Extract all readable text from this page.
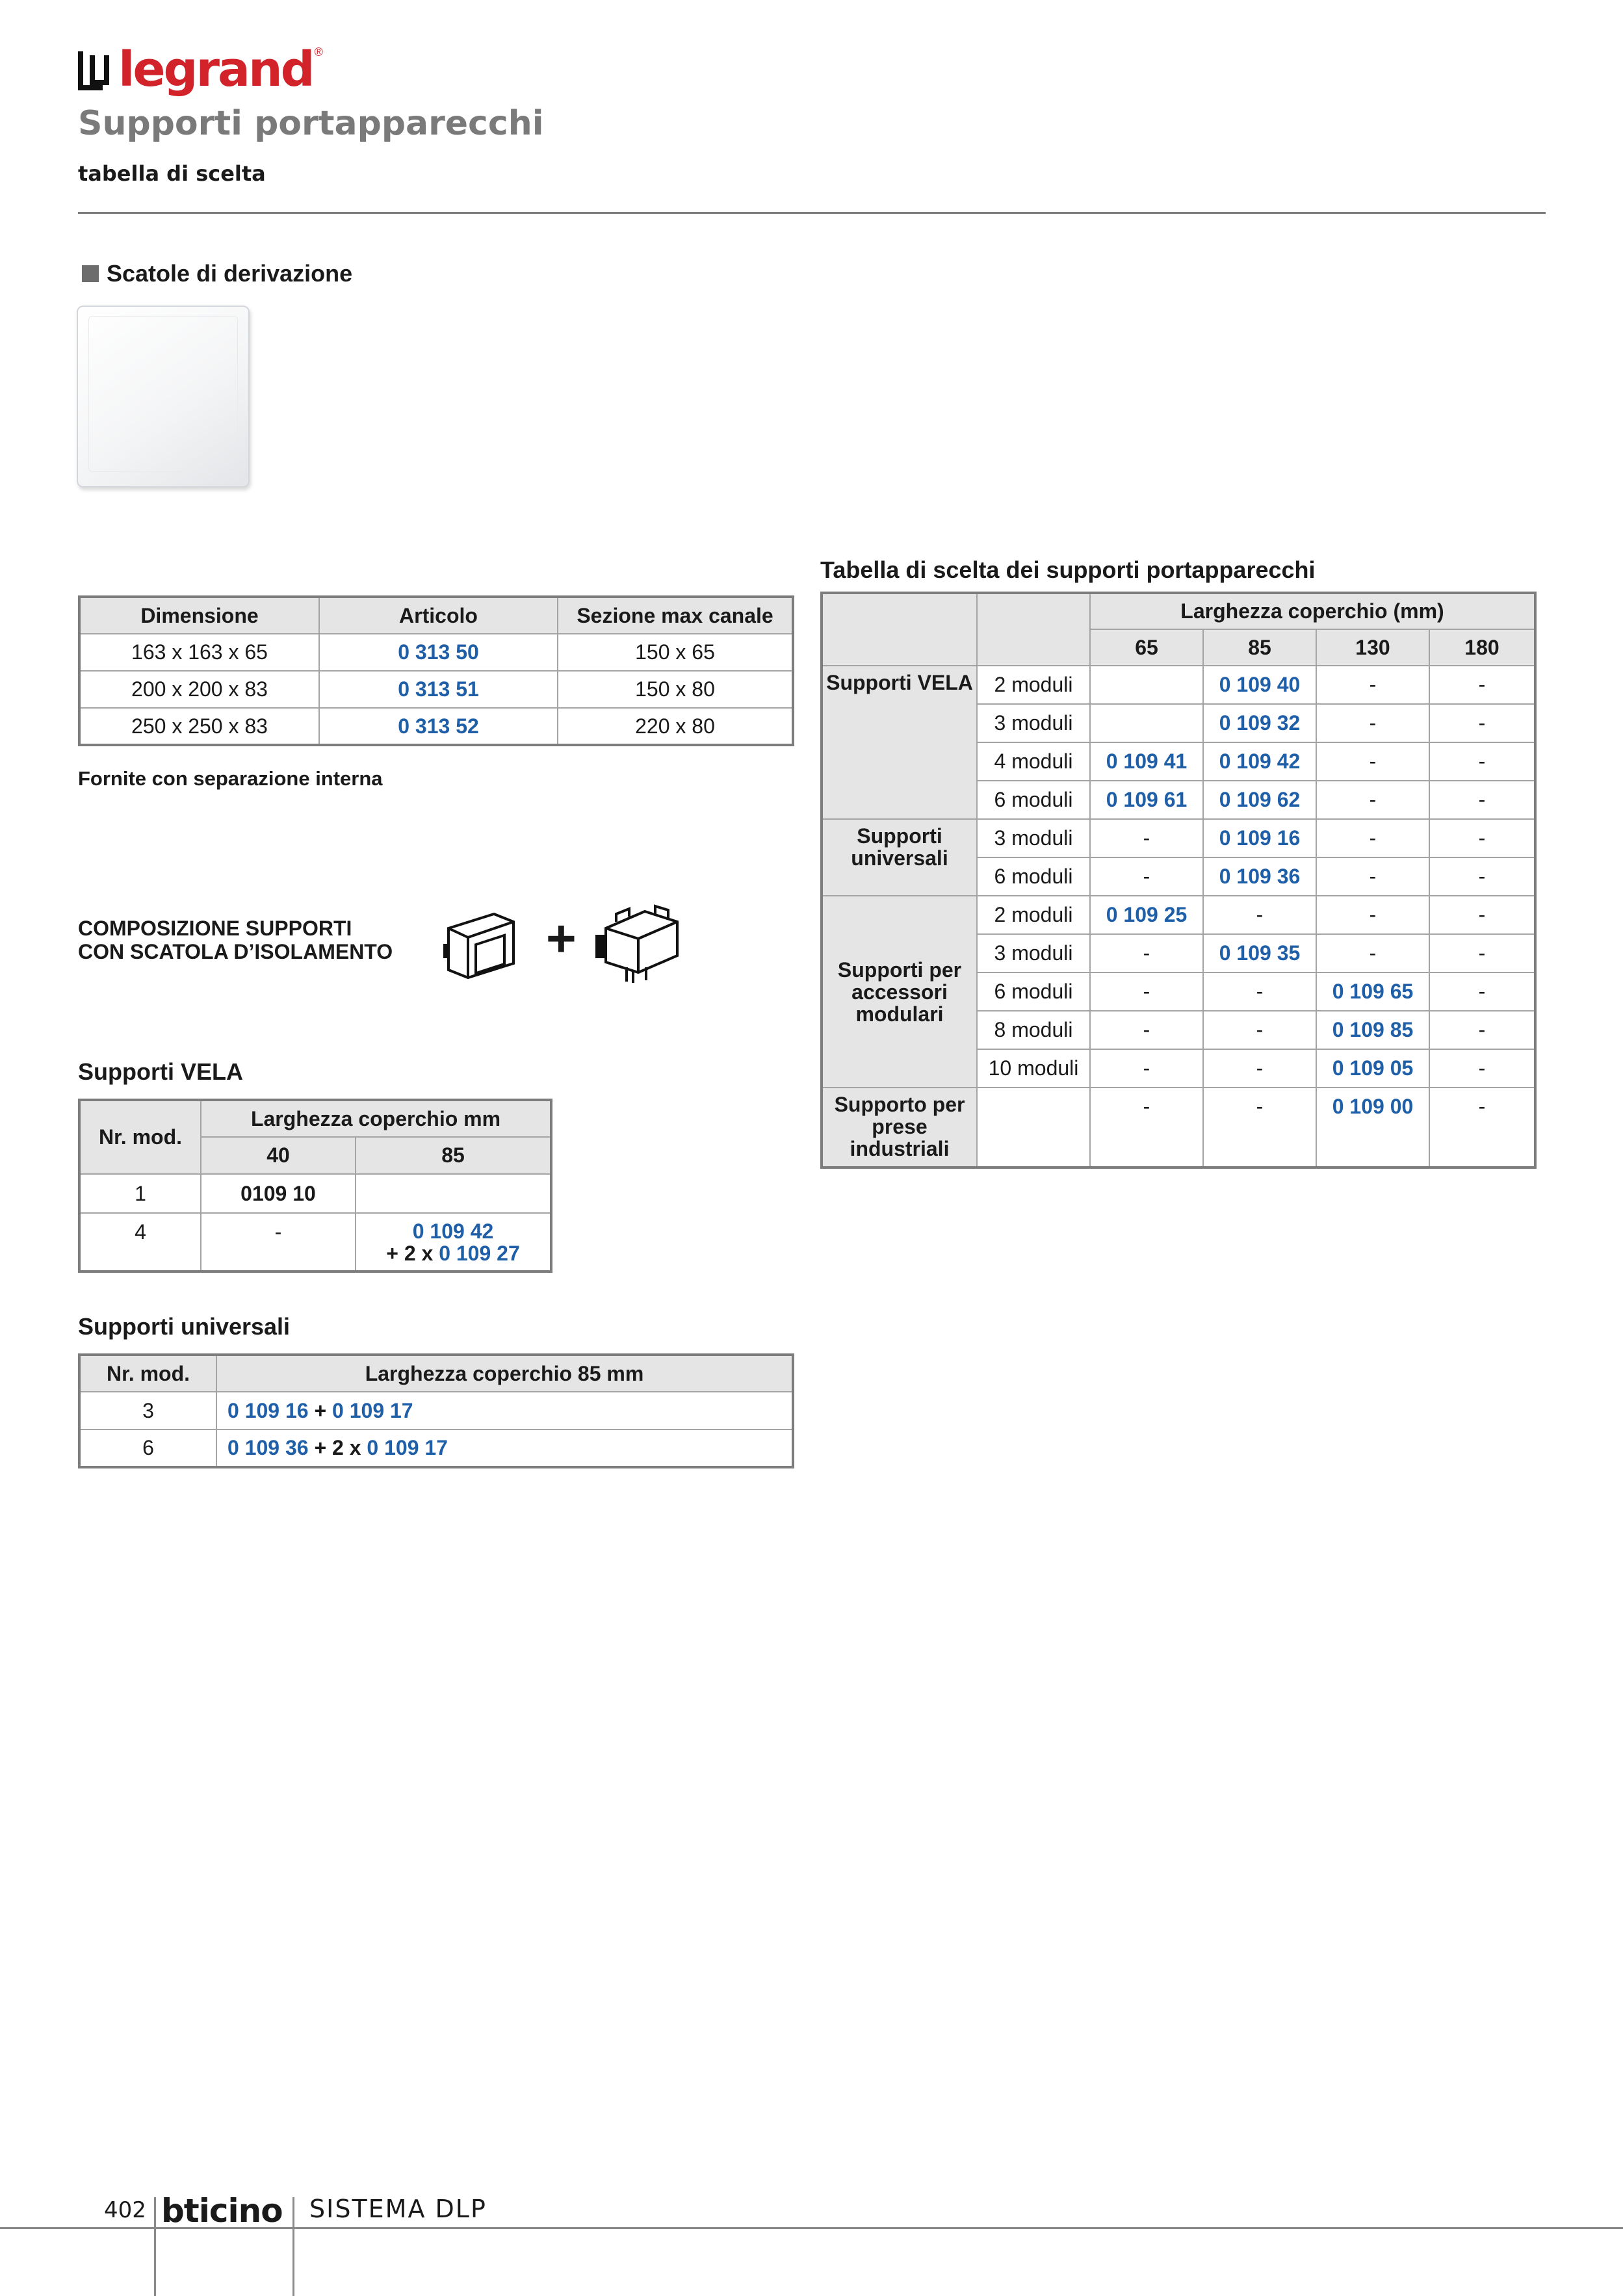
legrand ®
Supporti portapparecchi
tabella di scelta
Scatole di derivazione
Dimensione	Articolo	Sezione max canale
163 x 163 x 65	0 313 50	150 x 65
200 x 200 x 83	0 313 51	150 x 80
250 x 250 x 83	0 313 52	220 x 80
Fornite con separazione interna
COMPOSIZIONE SUPPORTI
CON SCATOLA D’ISOLAMENTO	+
Supporti VELA
Nr. mod.	Larghezza coperchio mm	
	40	85
1	0109 10	
4	-	0 109 42
+ 2 x 0 109 27
Supporti universali
Nr. mod.	Larghezza coperchio 85 mm
3	0 109 16 + 0 109 17
6	0 109 36 + 2 x 0 109 17
Tabella di scelta dei supporti portapparecchi
		Larghezza coperchio (mm)			
		65	85	130	180
Supporti VELA	2 moduli		0 109 40	-	-
	3 moduli		0 109 32	-	-
	4 moduli	0 109 41	0 109 42	-	-
	6 moduli	0 109 61	0 109 62	-	-
Supporti universali	3 moduli	-	0 109 16	-	-
	6 moduli	-	0 109 36	-	-
Supporti per accessori modulari	2 moduli	0 109 25	-	-	-
	3 moduli	-	0 109 35	-	-
	6 moduli	-	-	0 109 65	-
	8 moduli	-	-	0 109 85	-
	10 moduli	-	-	0 109 05	-
Supporto per prese industriali		-	-	0 109 00	-
402 bticino SISTEMA DLP
